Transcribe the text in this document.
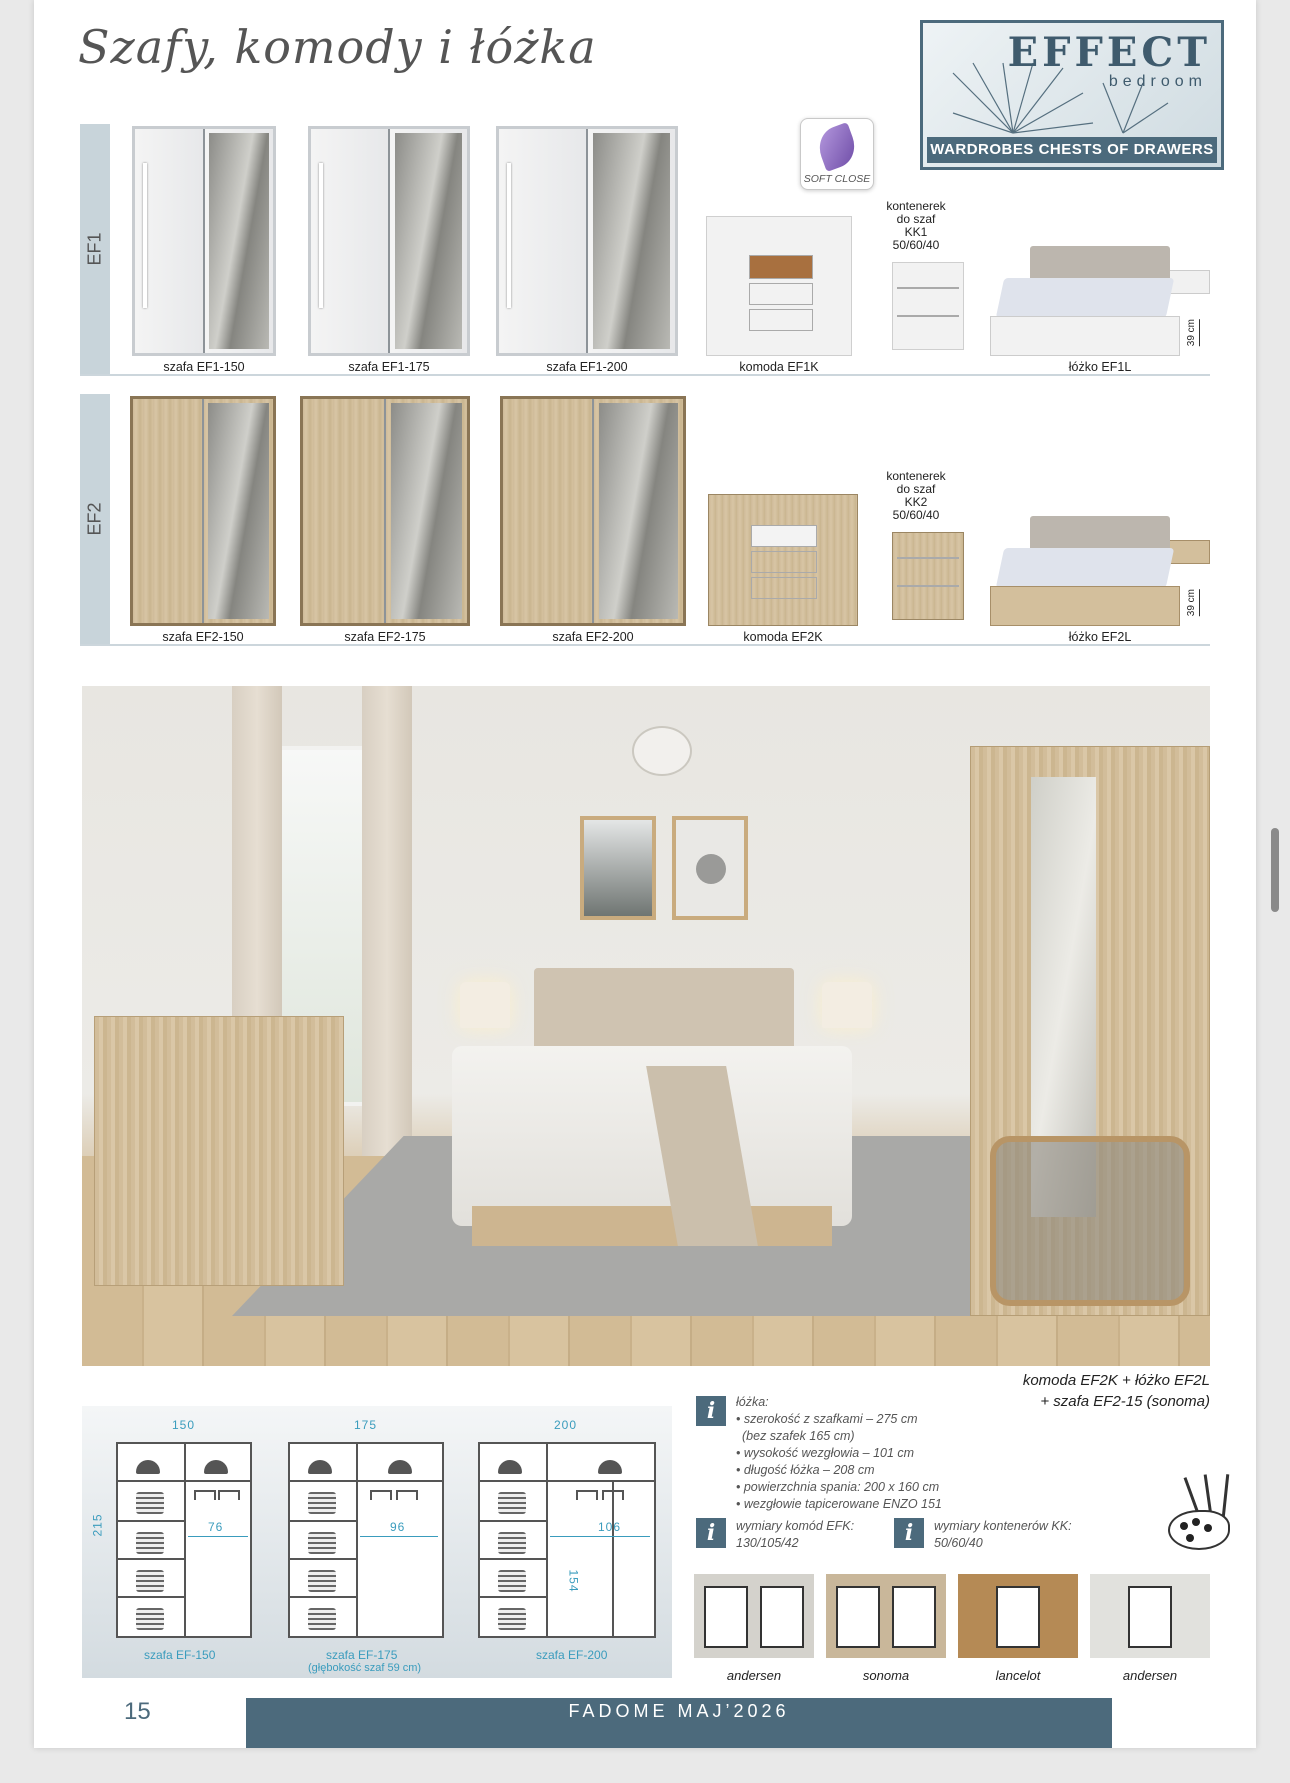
Szafy, komody i łóżka	EFFECT
bedroom
WARDROBES CHESTS OF DRAWERS AND BEDS
SOFT CLOSE
EF1
szafa EF1-150	szafa EF1-175	szafa EF1-200	komoda EF1K
kontenerek
do szaf
KK1
50/60/40
39 cm
łóżko EF1L
EF2
szafa EF2-150	szafa EF2-175	szafa EF2-200	komoda EF2K
kontenerek
do szaf
KK2
50/60/40
39 cm
łóżko EF2L
komoda EF2K + łóżko EF2L
+ szafa EF2-15 (sonoma)
215
150
76
szafa EF-150
175
96
szafa EF-175
200
106
154
szafa EF-200
(głębokość szaf 59 cm)
i	łóżka:
• szerokość z szafkami – 275 cm
(bez szafek 165 cm)
• wysokość wezgłowia – 101 cm
• długość łóżka – 208 cm
• powierzchnia spania: 200 x 160 cm
• wezgłowie tapicerowane ENZO 151
i	wymiary komód EFK:
130/105/42	i	wymiary kontenerów KK:
50/60/40
andersen	sonoma	lancelot	andersen
15	FADOME MAJ’2026
